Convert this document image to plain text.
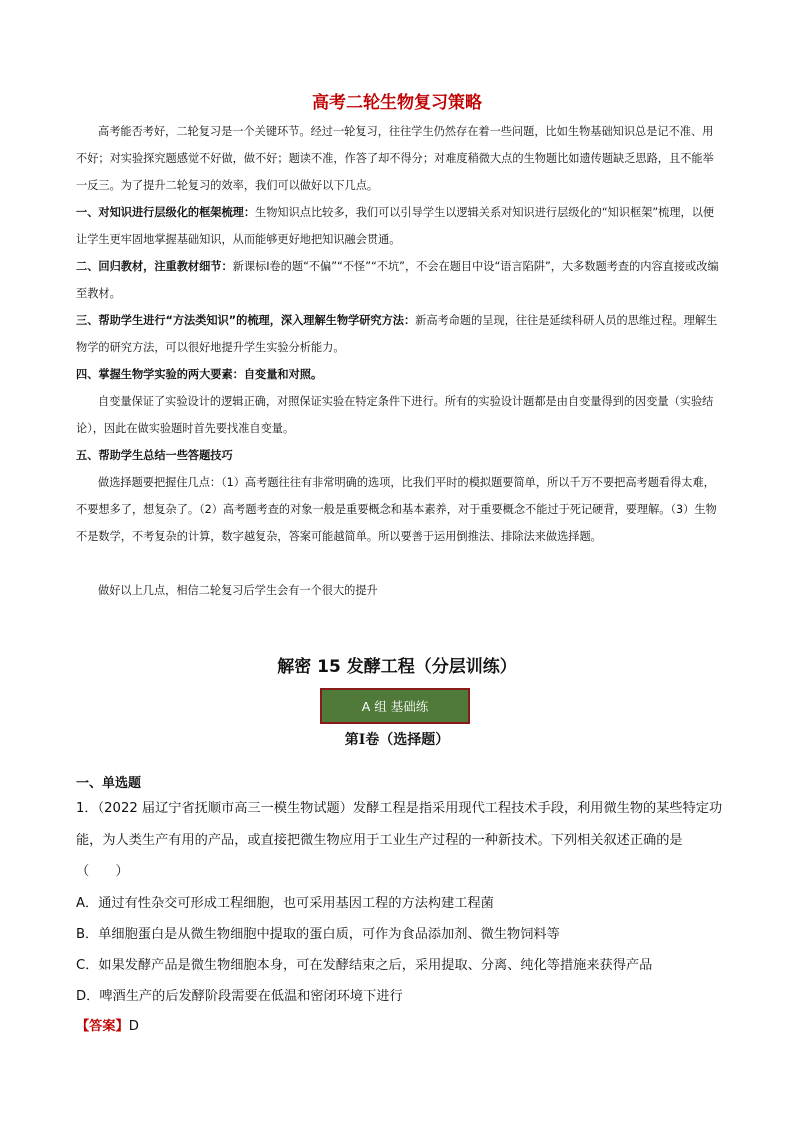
高考二轮生物复习策略
高考能否考好，二轮复习是一个关键环节。经过一轮复习，往往学生仍然存在着一些问题，比如生物基础知识总是记不准、用不好；对实验探究题感觉不好做，做不好；题读不准，作答了却不得分；对难度稍微大点的生物题比如遗传题缺乏思路，且不能举一反三。为了提升二轮复习的效率，我们可以做好以下几点。
一、对知识进行层级化的框架梳理：生物知识点比较多，我们可以引导学生以逻辑关系对知识进行层级化的“知识框架”梳理，以便让学生更牢固地掌握基础知识，从而能够更好地把知识融会贯通。
二、回归教材，注重教材细节：新课标Ⅰ卷的题“不偏”“不怪”“不坑”，不会在题目中设“语言陷阱”，大多数题考查的内容直接或改编至教材。
三、帮助学生进行“方法类知识”的梳理，深入理解生物学研究方法：新高考命题的呈现，往往是延续科研人员的思维过程。理解生物学的研究方法，可以很好地提升学生实验分析能力。
四、掌握生物学实验的两大要素：自变量和对照。
自变量保证了实验设计的逻辑正确，对照保证实验在特定条件下进行。所有的实验设计题都是由自变量得到的因变量（实验结论），因此在做实验题时首先要找准自变量。
五、帮助学生总结一些答题技巧
做选择题要把握住几点：（1）高考题往往有非常明确的选项，比我们平时的模拟题要简单，所以千万不要把高考题看得太难，不要想多了，想复杂了。（2）高考题考查的对象一般是重要概念和基本素养，对于重要概念不能过于死记硬背，要理解。（3）生物不是数学，不考复杂的计算，数字越复杂，答案可能越简单。所以要善于运用倒推法、排除法来做选择题。
做好以上几点，相信二轮复习后学生会有一个很大的提升
解密 15 发酵工程（分层训练）
A 组 基础练
第Ⅰ卷（选择题）
一、单选题
1．（2022 届辽宁省抚顺市高三一模生物试题）发酵工程是指采用现代工程技术手段，利用微生物的某些特定功能，为人类生产有用的产品，或直接把微生物应用于工业生产过程的一种新技术。下列相关叙述正确的是（　　）
A．通过有性杂交可形成工程细胞，也可采用基因工程的方法构建工程菌
B．单细胞蛋白是从微生物细胞中提取的蛋白质，可作为食品添加剂、微生物饲料等
C．如果发酵产品是微生物细胞本身，可在发酵结束之后，采用提取、分离、纯化等措施来获得产品
D．啤酒生产的后发酵阶段需要在低温和密闭环境下进行
【答案】D
